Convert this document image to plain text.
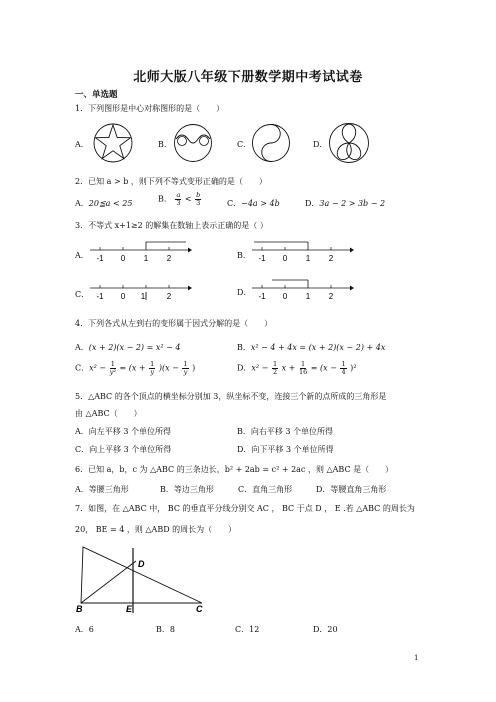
北师大版八年级下册数学期中考试试卷
一、单选题
1．下列图形是中心对称图形的是（　　）
A．	B．	C．	D．
2．已知 a > b ，则下列不等式变形正确的是（　　）
A．20≦a < 25	B． $\frac{a}{3} < \frac{b}{3}$	C．−4a > 4b	D．3a − 2 > 3b − 2
3．不等式 x+1≥2 的解集在数轴上表示正确的是（ ）
A． -1 0 1 2	B． -1 0 1 2
C． -1 0 1	2	D． -1 0 1 2
4．下列各式从左到右的变形属于因式分解的是（　　）
A．(x + 2)(x − 2) = x² − 4	B．x² − 4 + 4x = (x + 2)(x − 2) + 4x
C．$x^2 - \frac{1}{\text{y²}} = (x + \frac{1}{y} )(x - \frac{1}{y}$ )	D．$x^2 - \frac{1}{2}$ $x + \frac{1}{16} = (x - \frac{1}{4} )^2$
5．△ABC 的各个顶点的横坐标分别加 3，纵坐标不变，连接三个新的点所成的三角形是
由 △ABC（　　）
A．向左平移 3 个单位所得	B．向右平移 3 个单位所得
C．向上平移 3 个单位所得	D．向下平移 3 个单位所得
6．已知 a，b，c 为 △ABC 的三条边长，b² + 2ab = c² + 2ac ，则 △ABC 是（　　）
A．等腰三角形	B．等边三角形	C．直角三角形	D．等腰直角三角形
7．如图，在 △ABC 中， BC 的垂直平分线分别交 AC ， BC 于点 D ， E .若 △ABC 的周长为
20， BE = 4 ，则 △ABD 的周长为（　　）
B
D
E	C
A．6	B．8	C．12	D．20
1
